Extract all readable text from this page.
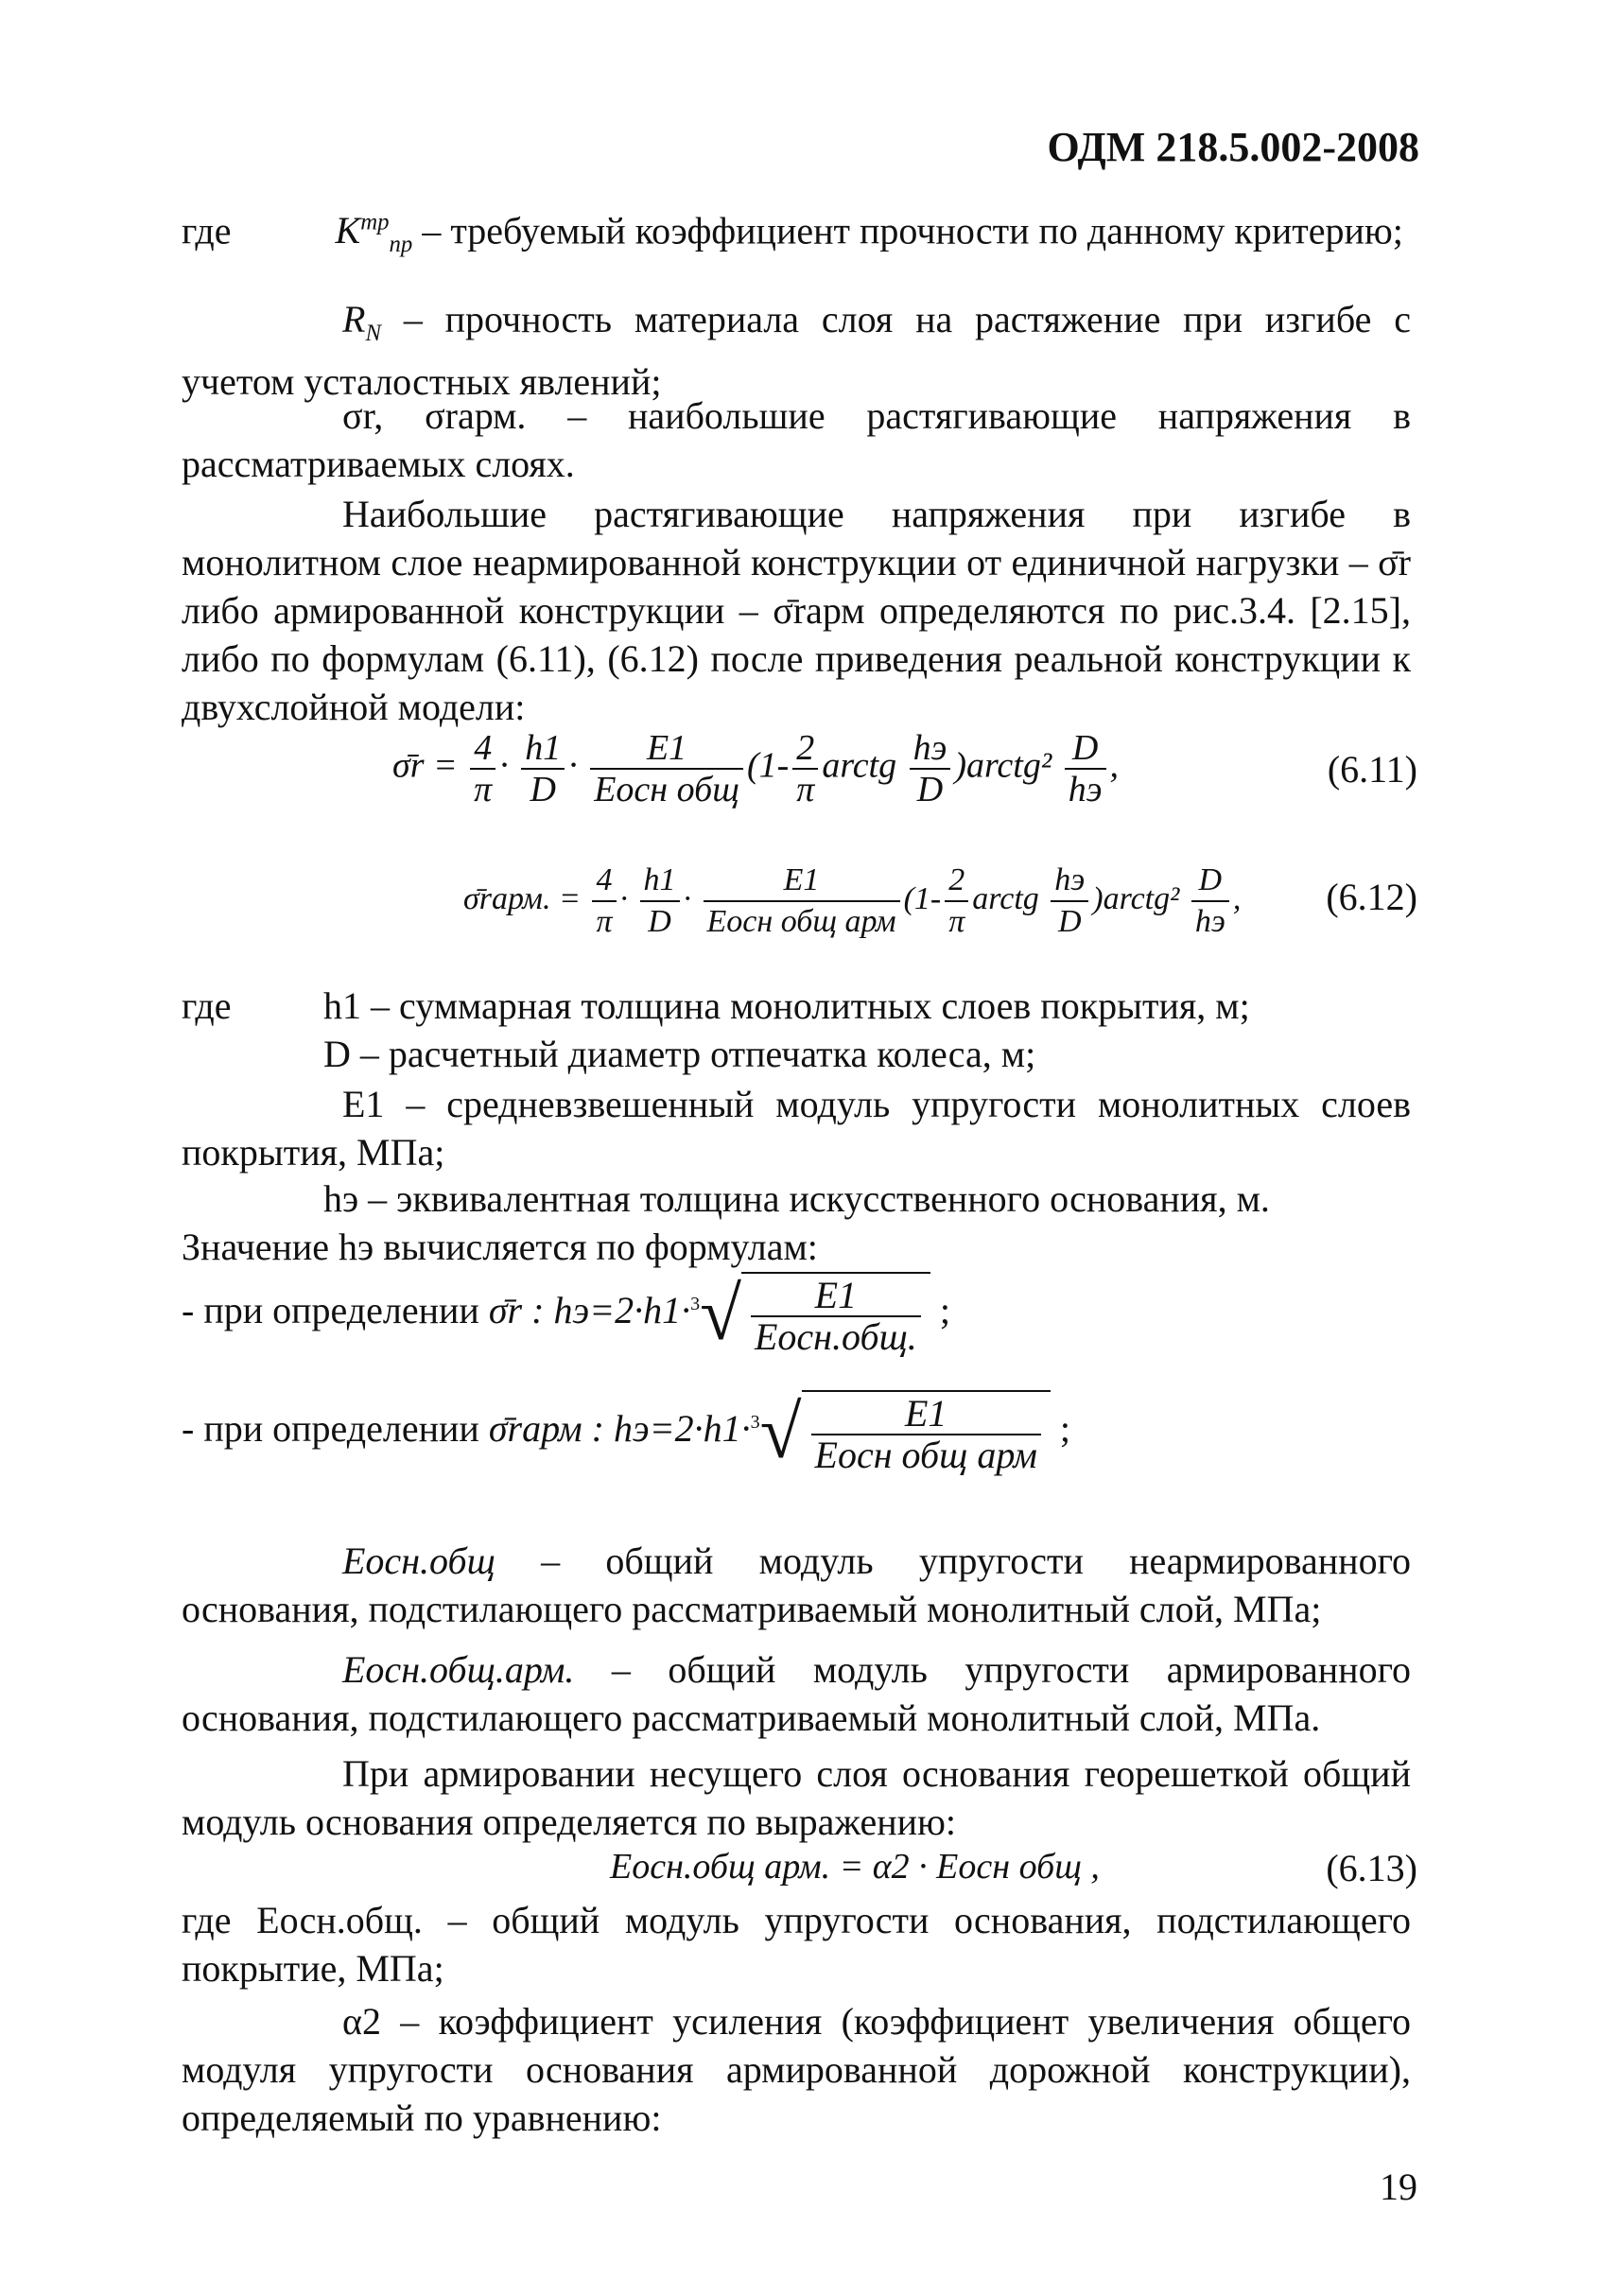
ОДМ 218.5.002-2008
где	$K^{тр}_{пр}$ – требуемый коэффициент прочности по данному критерию;
$R_N$ – прочность материала слоя на растяжение при изгибе с учетом усталостных явлений;
σr, σrарм. – наибольшие растягивающие напряжения в рассматриваемых слоях.
Наибольшие растягивающие напряжения при изгибе в монолитном слое неармированной конструкции от единичной нагрузки – σ̄r либо армированной конструкции – σ̄rарм определяются по рис.3.4. [2.15], либо по формулам (6.11), (6.12) после приведения реальной конструкции к двухслойной модели:
σ̄r = $\frac{4}{\pi} \cdot \frac{h1}{D} \cdot \frac{E1}{\text{Eосн общ}} (1- \frac{2}{\pi}$ arctg $\frac{hэ}{D}$ )arctg² $\frac{D}{hэ}$ ,	(6.11)
σ̄rарм. = $\frac{4}{\pi} \cdot \frac{h1}{D} \cdot \frac{E1}{\text{Eосн общ арм}} (1- \frac{2}{\pi}$ arctg $\frac{hэ}{D}$ )arctg² $\frac{D}{hэ}$ , (6.12)
где h1 – суммарная толщина монолитных слоев покрытия, м;
D – расчетный диаметр отпечатка колеса, м;
E1 – средневзвешенный модуль упругости монолитных слоев покрытия, МПа;
hэ – эквивалентная толщина искусственного основания, м.
Значение hэ вычисляется по формулам:
- при определении σ̄r : $hэ=2\cdot h1\cdot^3√ \frac{E1}{\text{Eосн.общ.}}$ ;
- при определении σ̄rарм : $hэ=2\cdot h1\cdot^3√ \frac{E1}{\text{Eосн общ арм}}$ ;
Eосн.общ – общий модуль упругости неармированного основания, подстилающего рассматриваемый монолитный слой, МПа;
Eосн.общ.арм. – общий модуль упругости армированного основания, подстилающего рассматриваемый монолитный слой, МПа.
При армировании несущего слоя основания георешеткой общий модуль основания определяется по выражению:
Eосн.общ арм. = α2 · Eосн общ ,	(6.13)
где Eосн.общ. – общий модуль упругости основания, подстилающего покрытие, МПа;
α2 – коэффициент усиления (коэффициент увеличения общего модуля упругости основания армированной дорожной конструкции), определяемый по уравнению:
19
